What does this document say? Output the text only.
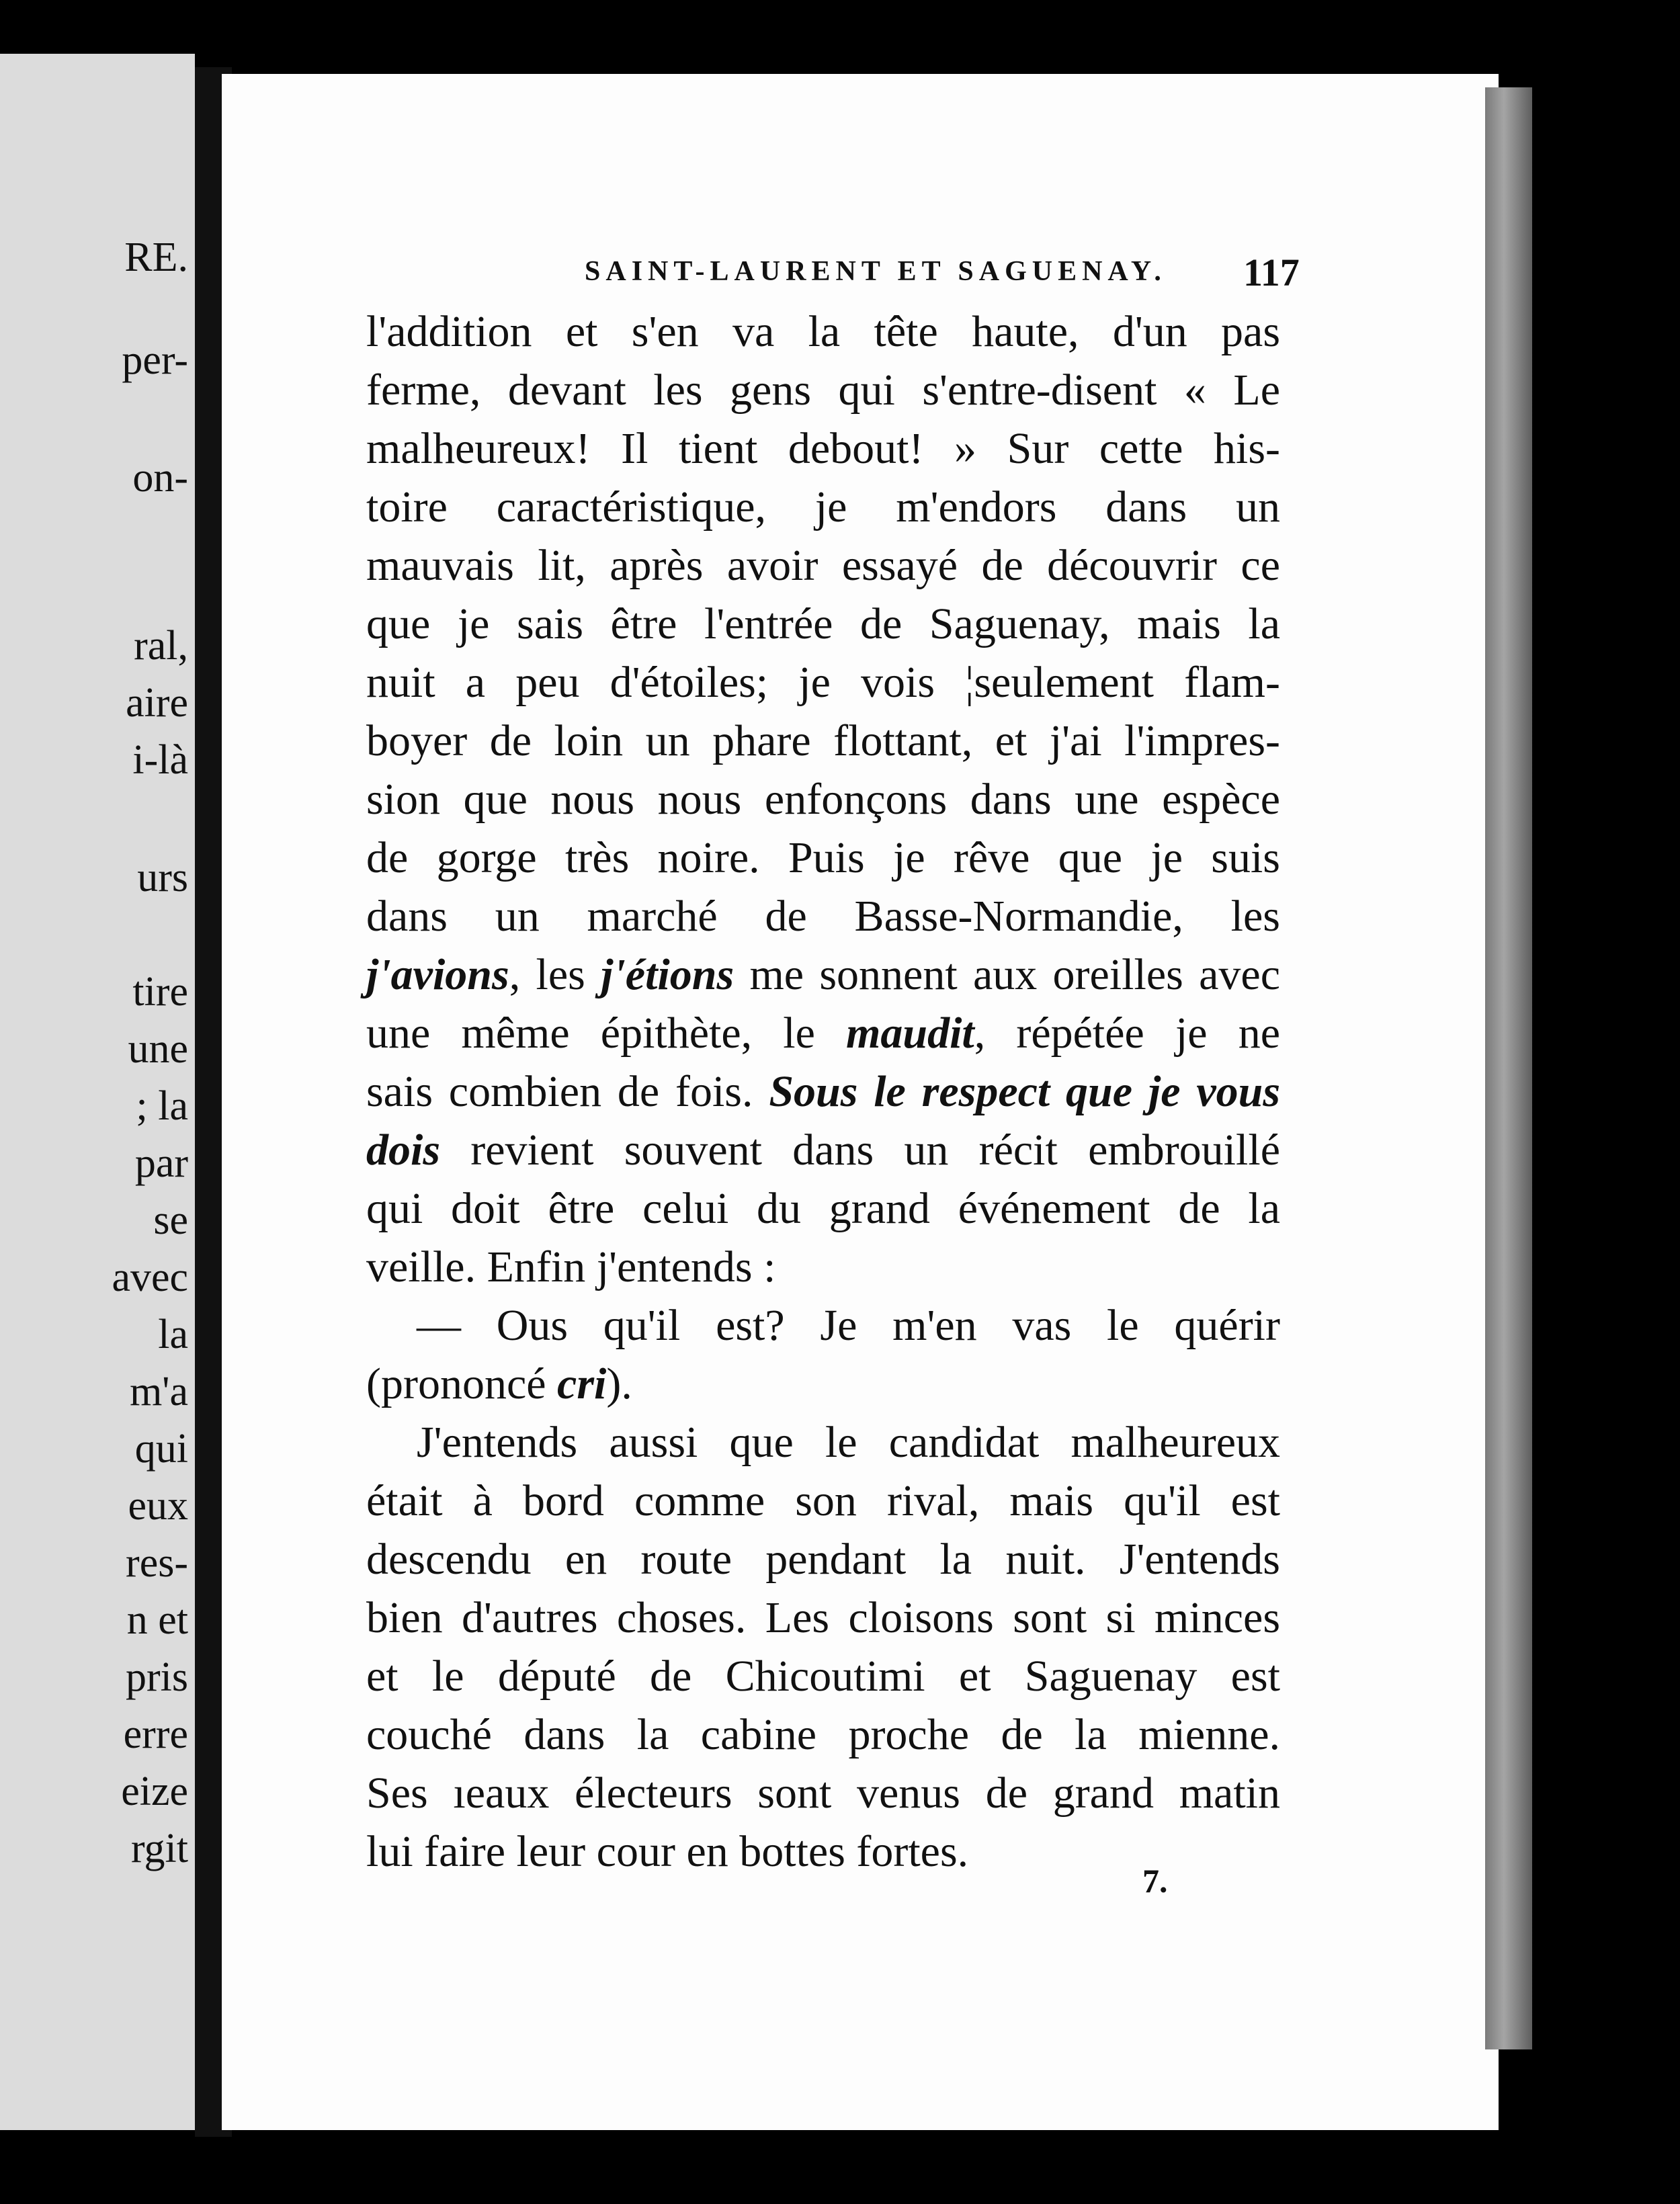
RE.
per-
on-
ral,
aire
i-là
urs
tire
une
; la
par
se
avec
la
m'a
qui
eux
res-
n et
pris
erre
eize
rgit
SAINT-LAURENT ET SAGUENAY. 117
l'addition et s'en va la tête haute, d'un pas
ferme, devant les gens qui s'entre-disent « Le
malheureux! Il tient debout! » Sur cette his-
toire caractéristique, je m'endors dans un
mauvais lit, après avoir essayé de découvrir ce
que je sais être l'entrée de Saguenay, mais la
nuit a peu d'étoiles; je vois ¦seulement flam-
boyer de loin un phare flottant, et j'ai l'impres-
sion que nous nous enfonçons dans une espèce
de gorge très noire. Puis je rêve que je suis
dans un marché de Basse-Normandie, les
j'avions, les j'étions me sonnent aux oreilles avec
une même épithète, le maudit, répétée je ne
sais combien de fois. Sous le respect que je vous
dois revient souvent dans un récit embrouillé
qui doit être celui du grand événement de la
veille. Enfin j'entends :
— Ous qu'il est? Je m'en vas le quérir
(prononcé cri).
J'entends aussi que le candidat malheureux
était à bord comme son rival, mais qu'il est
descendu en route pendant la nuit. J'entends
bien d'autres choses. Les cloisons sont si minces
et le député de Chicoutimi et Saguenay est
couché dans la cabine proche de la mienne.
Ses ıeaux électeurs sont venus de grand matin
lui faire leur cour en bottes fortes.
7.
